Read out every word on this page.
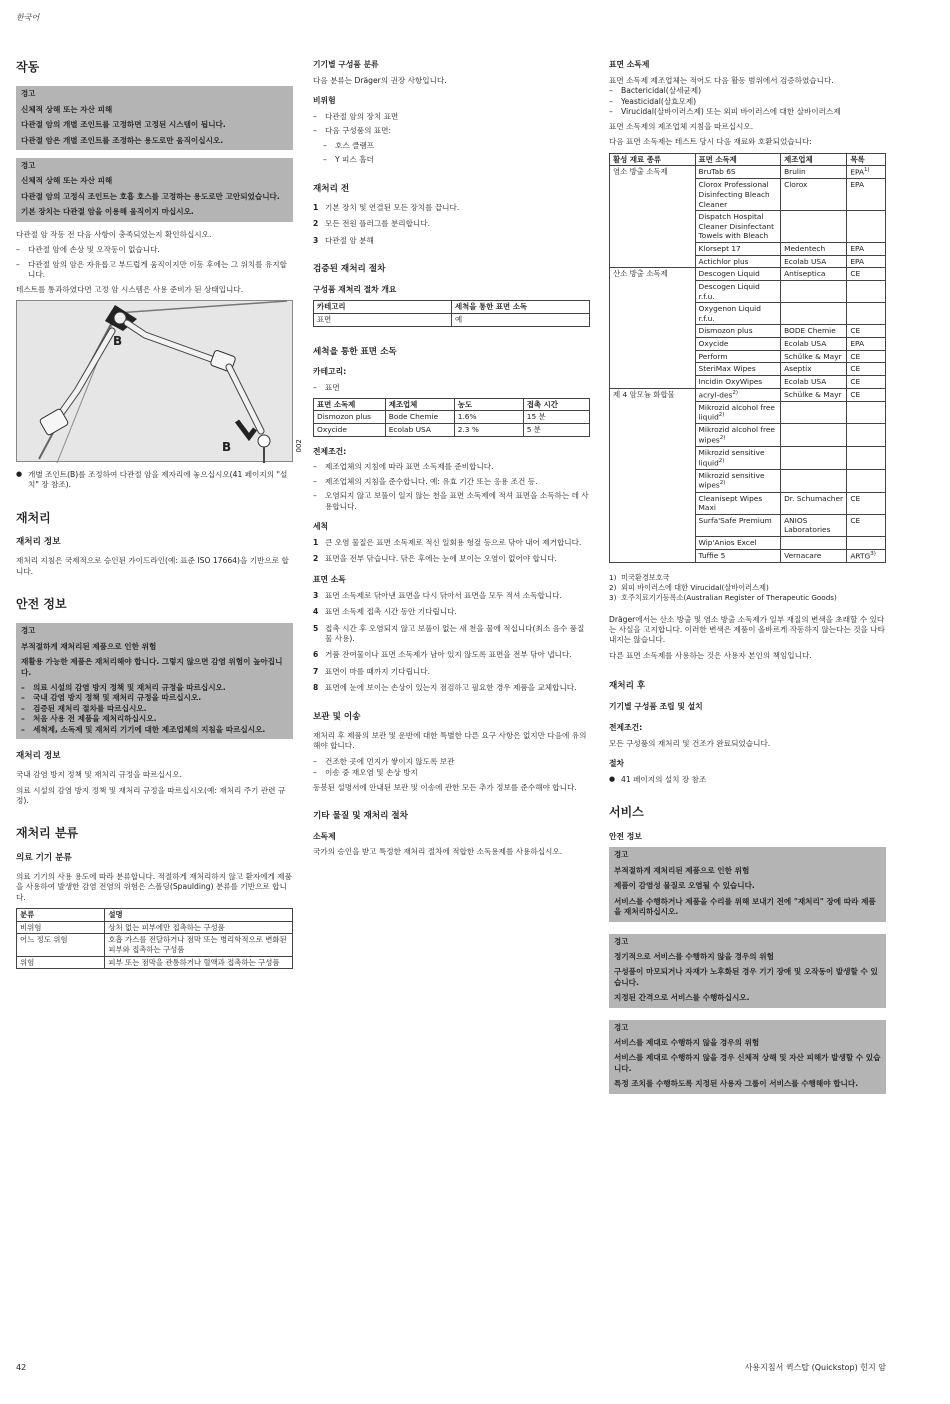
한국어
작동
경고
신체적 상해 또는 자산 피해
다관절 암의 개별 조인트를 고정하면 고정된 시스템이 됩니다.
다관절 암은 개별 조인트를 조정하는 용도로만 움직이십시오.
경고
신체적 상해 또는 자산 피해
다관절 암의 고정식 조인트는 호흡 호스를 고정하는 용도로만 고안되었습니다.
기본 장치는 다관절 암을 이용해 움직이지 마십시오.

다관절 암 작동 전 다음 사항이 충족되었는지 확인하십시오.

– 다관절 암에 손상 및 오작동이 없습니다.
– 다관절 암의 암은 자유롭고 부드럽게 움직이지만 이동 후에는 그 위치를 유지합니다.

테스트를 통과하였다면 고정 암 시스템은 사용 준비가 된 상태입니다.

B
B	002
● 개별 조인트(B)를 조정하여 다관절 암을 제자리에 놓으십시오(41 페이지의 "설치" 장 참조).
재처리
재처리 정보

재처리 지침은 국제적으로 승인된 가이드라인(예: 표준 ISO 17664)을 기반으로 합니다.

안전 정보
경고
부적절하게 재처리된 제품으로 인한 위험
재활용 가능한 제품은 재처리해야 합니다. 그렇지 않으면 감염 위험이 높아집니다.
– 의료 시설의 감염 방지 정책 및 재처리 규정을 따르십시오.
– 국내 감염 방지 정책 및 재처리 규정을 따르십시오.
– 검증된 재처리 절차를 따르십시오.
– 처음 사용 전 제품을 재처리하십시오.
– 세척제, 소독제 및 재처리 기기에 대한 제조업체의 지침을 따르십시오.
재처리 정보

국내 감염 방지 정책 및 재처리 규정을 따르십시오.

의료 시설의 감염 방지 정책 및 재처리 규정을 따르십시오(예: 재처리 주기 관련 규정).

재처리 분류
의료 기기 분류

의료 기기의 사용 용도에 따라 분류합니다. 적절하게 재처리하지 않고 환자에게 제품을 사용하여 발생한 감염 전염의 위험은 스폴딩(Spaulding) 분류를 기반으로 합니다.

분류	설명
비위험	상처 없는 피부에만 접촉하는 구성품
어느 정도 위험	호흡 가스를 전달하거나 점막 또는 병리학적으로 변화된 피부와 접촉하는 구성품
위험	피부 또는 점막을 관통하거나 혈액과 접촉하는 구성품
기기별 구성품 분류

다음 분류는 Dräger의 권장 사항입니다.

비위험
– 다관절 암의 장치 표면
– 다음 구성품의 표면:
– 호스 클램프
– Y 피스 홀더
재처리 전
1 기본 장치 및 연결된 모든 장치를 끕니다.
2 모든 전원 플러그를 분리합니다.
3 다관절 암 분해
검증된 재처리 절차
구성품 재처리 절차 개요
카테고리	세척을 통한 표면 소독
표면	예
세척을 통한 표면 소독
카테고리:
– 표면
표면 소독제	제조업체	농도	접촉 시간
Dismozon plus	Bode Chemie	1.6%	15 분
Oxycide	Ecolab USA	2.3 %	5 분
전제조건:
– 제조업체의 지침에 따라 표면 소독제를 준비합니다.
– 제조업체의 지침을 준수합니다. 예: 유효 기간 또는 응용 조건 등.
– 오염되지 않고 보풀이 일지 않는 천을 표면 소독제에 적셔 표면을 소독하는 데 사용합니다.
세척
1 큰 오염 물질은 표면 소독제로 적신 일회용 헝겊 등으로 닦아 내어 제거합니다.
2 표면을 전부 닦습니다. 닦은 후에는 눈에 보이는 오염이 없어야 합니다.
표면 소독
3 표면 소독제로 닦아낸 표면을 다시 닦아서 표면을 모두 적셔 소독합니다.
4 표면 소독제 접촉 시간 동안 기다립니다.
5 접촉 시간 후 오염되지 않고 보풀이 없는 새 천을 물에 적십니다(최소 음수 품질 물 사용).
6 거품 잔여물이나 표면 소독제가 남아 있지 않도록 표면을 전부 닦아 냅니다.
7 표면이 마를 때까지 기다립니다.
8 표면에 눈에 보이는 손상이 있는지 점검하고 필요한 경우 제품을 교체합니다.
보관 및 이송

재처리 후 제품의 보관 및 운반에 대한 특별한 다른 요구 사항은 없지만 다음에 유의해야 합니다.

– 건조한 곳에 먼지가 쌓이지 않도록 보관
– 이송 중 재오염 및 손상 방지

동봉된 설명서에 안내된 보관 및 이송에 관한 모든 추가 정보를 준수해야 합니다.

기타 물질 및 재처리 절차
소독제

국가의 승인을 받고 특정한 재처리 절차에 적합한 소독용제를 사용하십시오.

표면 소독제

표면 소독제 제조업체는 적어도 다음 활동 범위에서 검증하였습니다.

– Bactericidal(살세균제)
– Yeasticidal(살효모제)
– Virucidal(살바이러스제) 또는 외피 바이러스에 대한 살바이러스제

표면 소독제의 제조업체 지침을 따르십시오.

다음 표면 소독제는 테스트 당시 다음 재료와 호환되었습니다:

활성 재료 종류	표면 소독제	제조업체	목록
염소 방출 소독제	BruTab 6S	Brulin	EPA$^{1)}$
	Clorox Professional Disinfecting Bleach Cleaner	Clorox	EPA
	Dispatch Hospital Cleaner Disinfectant Towels with Bleach		
	Klorsept 17	Medentech	EPA
	Actichlor plus	Ecolab USA	EPA
산소 방출 소독제	Descogen Liquid	Antiseptica	CE
	Descogen Liquid r.f.u.		
	Oxygenon Liquid r.f.u.		
	Dismozon plus	BODE Chemie	CE
	Oxycide	Ecolab USA	EPA
	Perform	Schülke & Mayr	CE
	SteriMax Wipes	Aseptix	CE
	Incidin OxyWipes	Ecolab USA	CE
제 4 암모늄 화합물	acryl-des$^{2)}$	Schülke & Mayr	CE
	Mikrozid alcohol free liquid$^{2)}$		
	Mikrozid alcohol free wipes$^{2)}$		
	Mikrozid sensitive liquid$^{2)}$		
	Mikrozid sensitive wipes$^{2)}$		
	Cleanisept Wipes Maxi	Dr. Schumacher	CE
	Surfa'Safe Premium	ANIOS Laboratories	CE
	Wip'Anios Excel		
	Tuffie 5	Vernacare	ARTG$^{3)}$

1) 미국환경보호국

2) 외피 바이러스에 대한 Virucidal(살바이러스제)

3) 호주치료기기등록소(Australian Register of Therapeutic Goods)

Dräger에서는 산소 방출 및 염소 방출 소독제가 일부 재질의 변색을 초래할 수 있다는 사실을 고지합니다. 이러한 변색은 제품이 올바르게 작동하지 않는다는 것을 나타내지는 않습니다.

다른 표면 소독제를 사용하는 것은 사용자 본인의 책임입니다.

재처리 후
기기별 구성품 조립 및 설치
전제조건:

모든 구성품의 재처리 및 건조가 완료되었습니다.

절차
● 41 페이지의 설치 장 참조
서비스
안전 정보
경고
부적절하게 재처리된 제품으로 인한 위험
제품이 감염성 물질로 오염될 수 있습니다.
서비스를 수행하거나 제품을 수리를 위해 보내기 전에 "재처리" 장에 따라 제품을 재처리하십시오.
경고
정기적으로 서비스를 수행하지 않을 경우의 위험
구성품이 마모되거나 자재가 노후화된 경우 기기 장애 및 오작동이 발생할 수 있습니다.
지정된 간격으로 서비스를 수행하십시오.
경고
서비스를 제대로 수행하지 않을 경우의 위험
서비스를 제대로 수행하지 않을 경우 신체적 상해 및 자산 피해가 발생할 수 있습니다.
특정 조치를 수행하도록 지정된 사용자 그룹이 서비스를 수행해야 합니다.
42	사용지침서 퀵스탑 (Quickstop) 힌지 암
